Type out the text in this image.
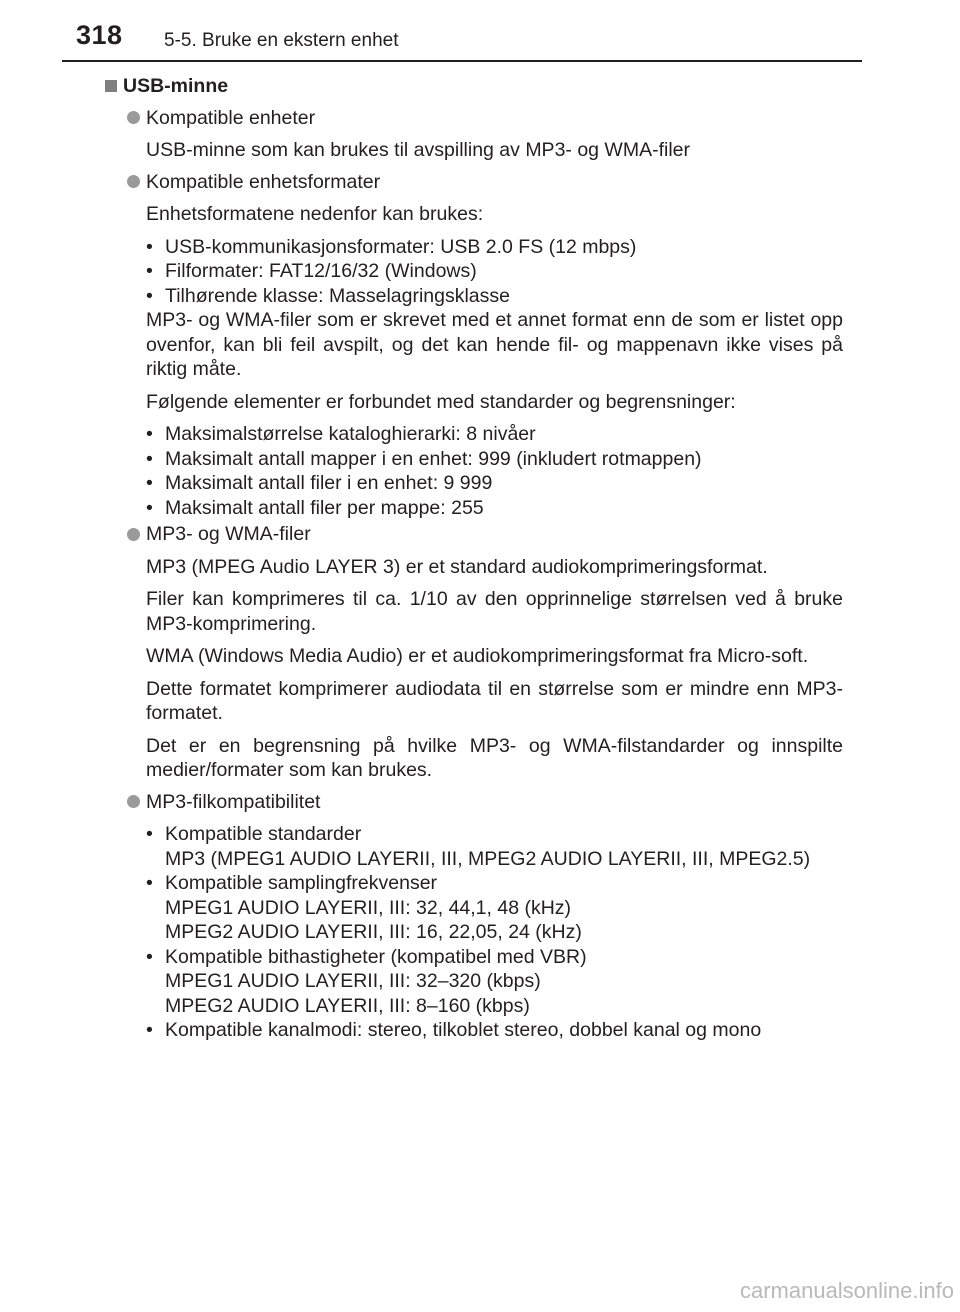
318 5-5. Bruke en ekstern enhet
USB-minne
Kompatible enheter

USB-minne som kan brukes til avspilling av MP3- og WMA-filer

Kompatible enhetsformater

Enhetsformatene nedenfor kan brukes:

• USB-kommunikasjonsformater: USB 2.0 FS (12 mbps)
• Filformater: FAT12/16/32 (Windows)
• Tilhørende klasse: Masselagringsklasse

MP3- og WMA-filer som er skrevet med et annet format enn de som er listet opp ovenfor, kan bli feil avspilt, og det kan hende fil- og mappenavn ikke vises på riktig måte.

Følgende elementer er forbundet med standarder og begrensninger:

• Maksimalstørrelse kataloghierarki: 8 nivåer
• Maksimalt antall mapper i en enhet: 999 (inkludert rotmappen)
• Maksimalt antall filer i en enhet: 9 999
• Maksimalt antall filer per mappe: 255
MP3- og WMA-filer

MP3 (MPEG Audio LAYER 3) er et standard audiokomprimeringsformat.

Filer kan komprimeres til ca. 1/10 av den opprinnelige størrelsen ved å bruke MP3-komprimering.

WMA (Windows Media Audio) er et audiokomprimeringsformat fra Micro-soft.

Dette formatet komprimerer audiodata til en størrelse som er mindre enn MP3-formatet.

Det er en begrensning på hvilke MP3- og WMA-filstandarder og innspilte medier/formater som kan brukes.

MP3-filkompatibilitet
• Kompatible standarder
MP3 (MPEG1 AUDIO LAYERII, III, MPEG2 AUDIO LAYERII, III, MPEG2.5)
• Kompatible samplingfrekvenser
MPEG1 AUDIO LAYERII, III: 32, 44,1, 48 (kHz)
MPEG2 AUDIO LAYERII, III: 16, 22,05, 24 (kHz)
• Kompatible bithastigheter (kompatibel med VBR)
MPEG1 AUDIO LAYERII, III: 32–320 (kbps)
MPEG2 AUDIO LAYERII, III: 8–160 (kbps)
• Kompatible kanalmodi: stereo, tilkoblet stereo, dobbel kanal og mono
carmanualsonline.info
